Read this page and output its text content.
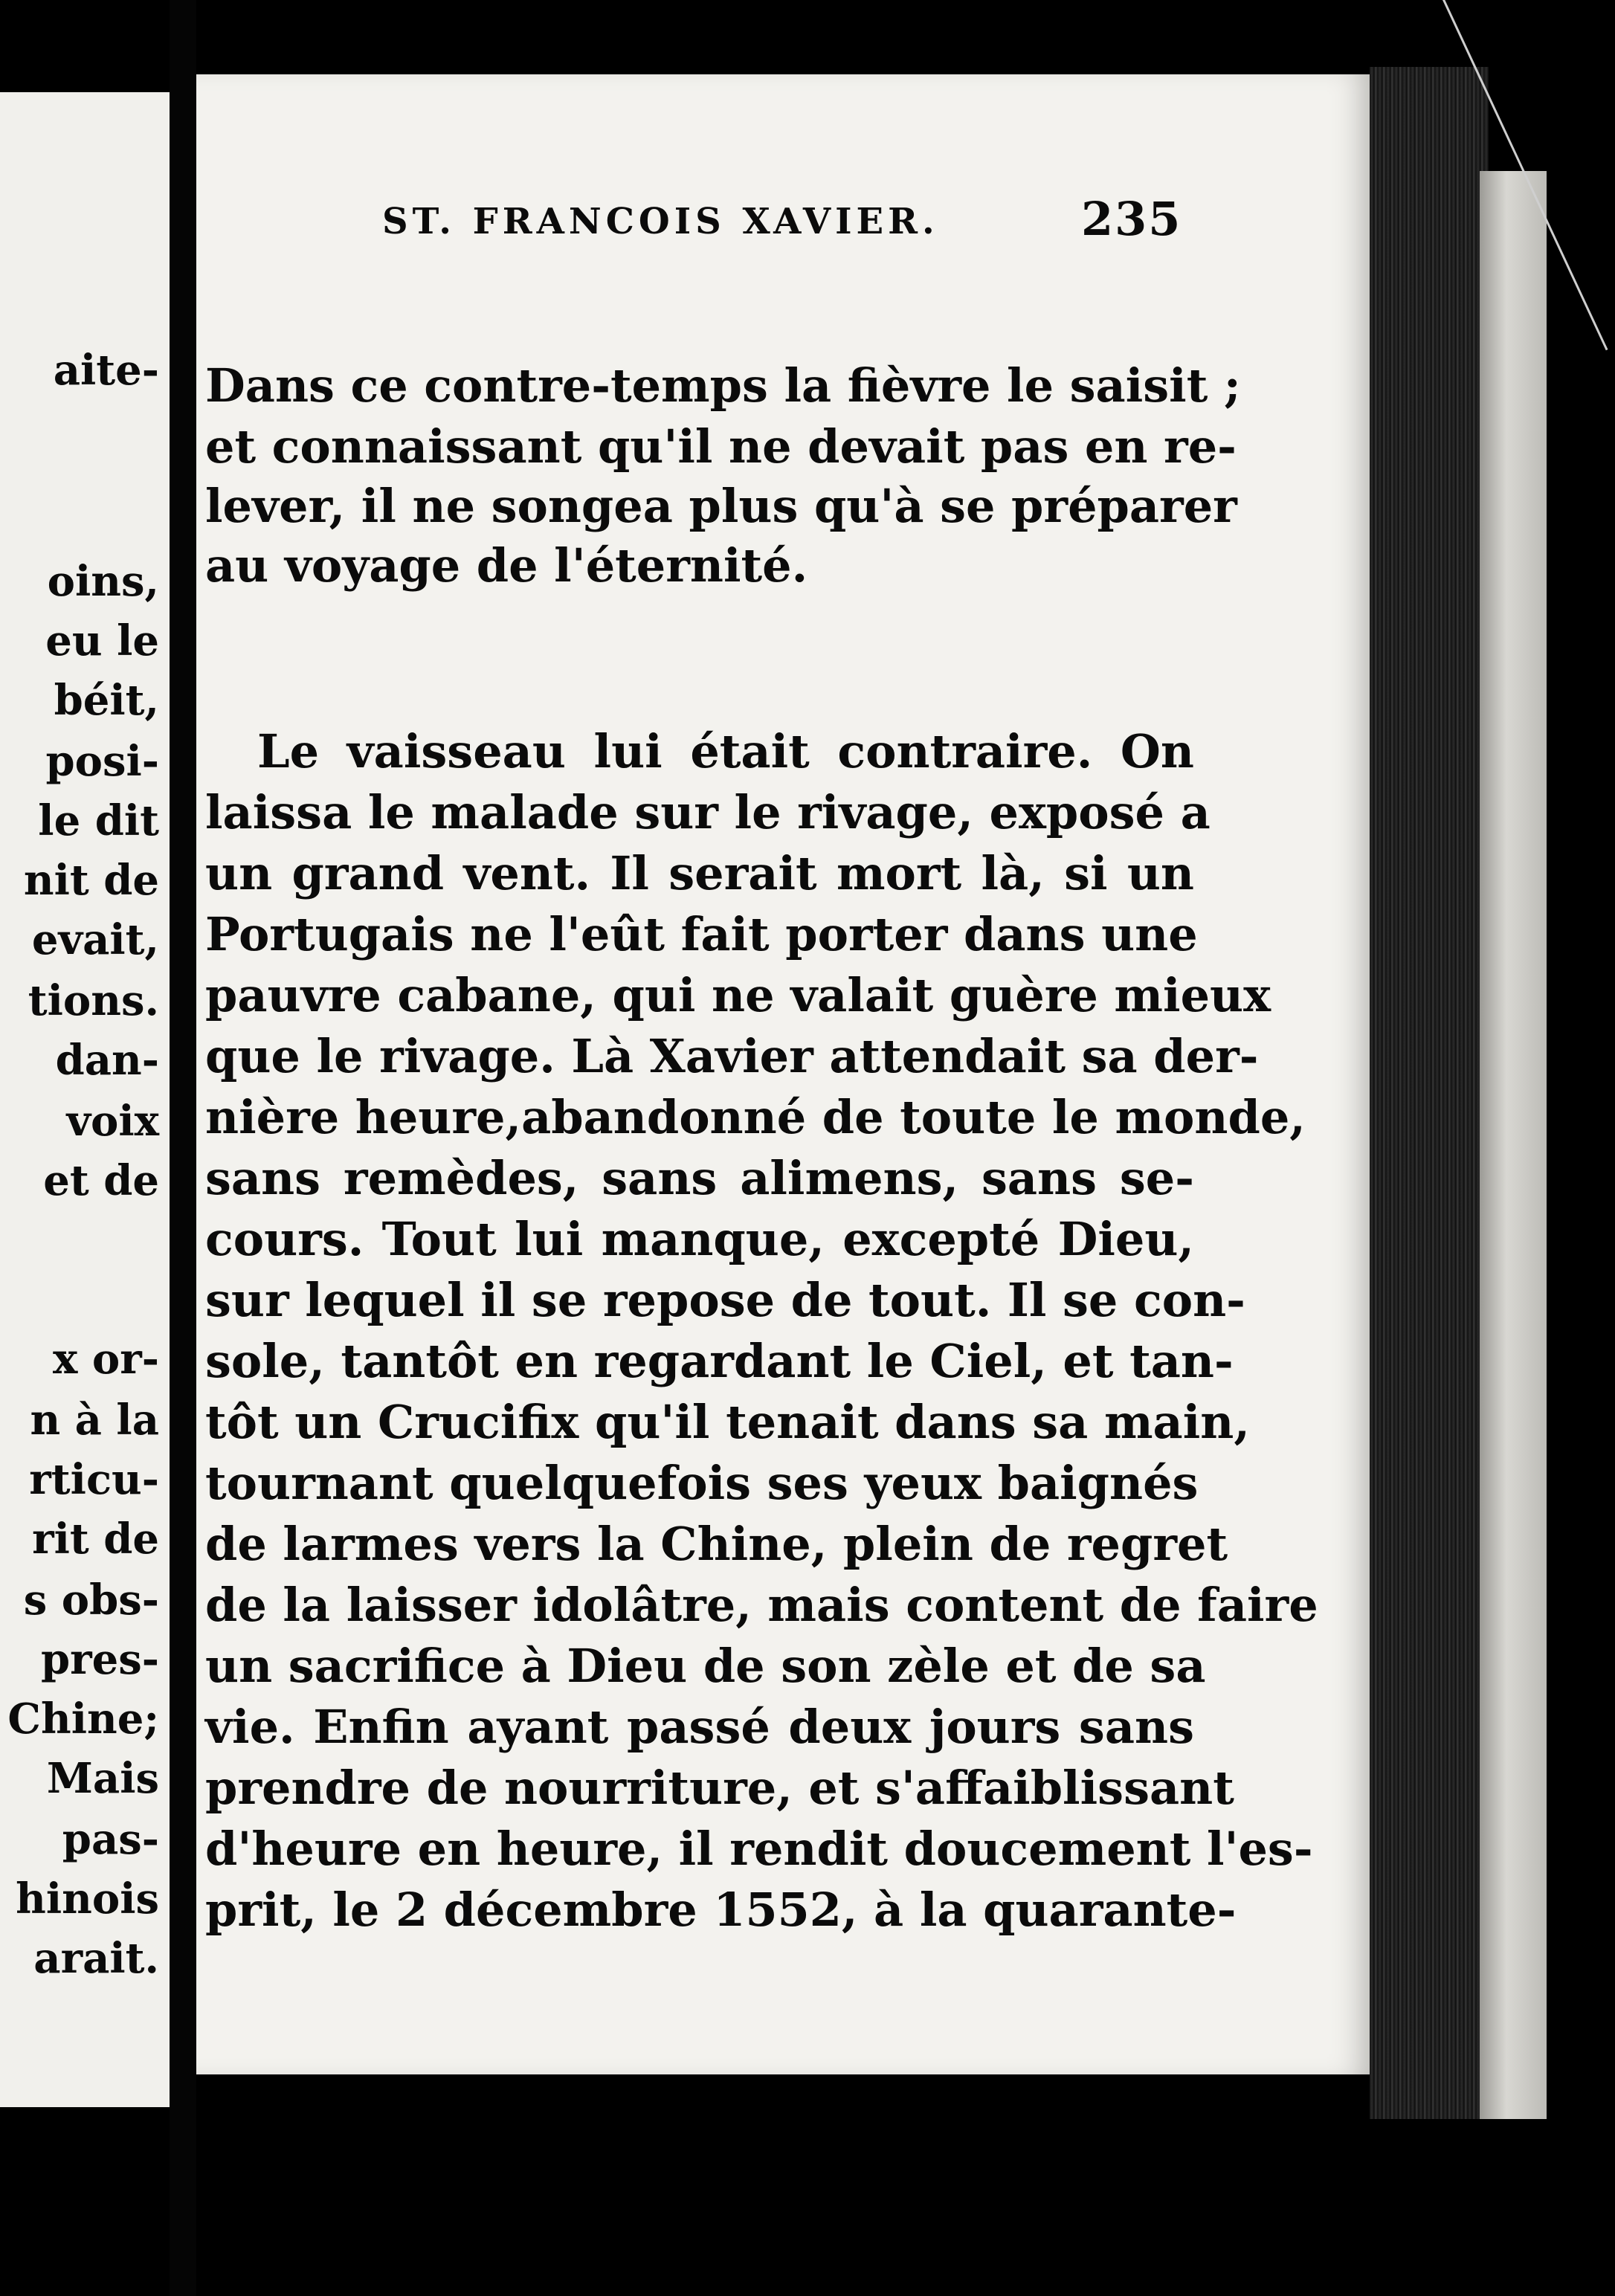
aite-
oins,
eu le
béit,
posi-
le dit
nit de
evait,
tions.
dan-
voix
et de
x or-
n à la
rticu-
rit de
s obs-
pres-
Chine;
Mais
pas-
hinois
arait.
ST. FRANCOIS XAVIER.	235
Dans ce contre-temps la fièvre le saisit ;
et connaissant qu'il ne devait pas en re-
lever, il ne songea plus qu'à se préparer
au voyage de l'éternité.
Le vaisseau lui était contraire. On
laissa le malade sur le rivage, exposé a
un grand vent. Il serait mort là, si un
Portugais ne l'eût fait porter dans une
pauvre cabane, qui ne valait guère mieux
que le rivage. Là Xavier attendait sa der-
nière heure,abandonné de toute le monde,
sans remèdes, sans alimens, sans se-
cours. Tout lui manque, excepté Dieu,
sur lequel il se repose de tout. Il se con-
sole, tantôt en regardant le Ciel, et tan-
tôt un Crucifix qu'il tenait dans sa main,
tournant quelquefois ses yeux baignés
de larmes vers la Chine, plein de regret
de la laisser idolâtre, mais content de faire
un sacrifice à Dieu de son zèle et de sa
vie. Enfin ayant passé deux jours sans
prendre de nourriture, et s'affaiblissant
d'heure en heure, il rendit doucement l'es-
prit, le 2 décembre 1552, à la quarante-
